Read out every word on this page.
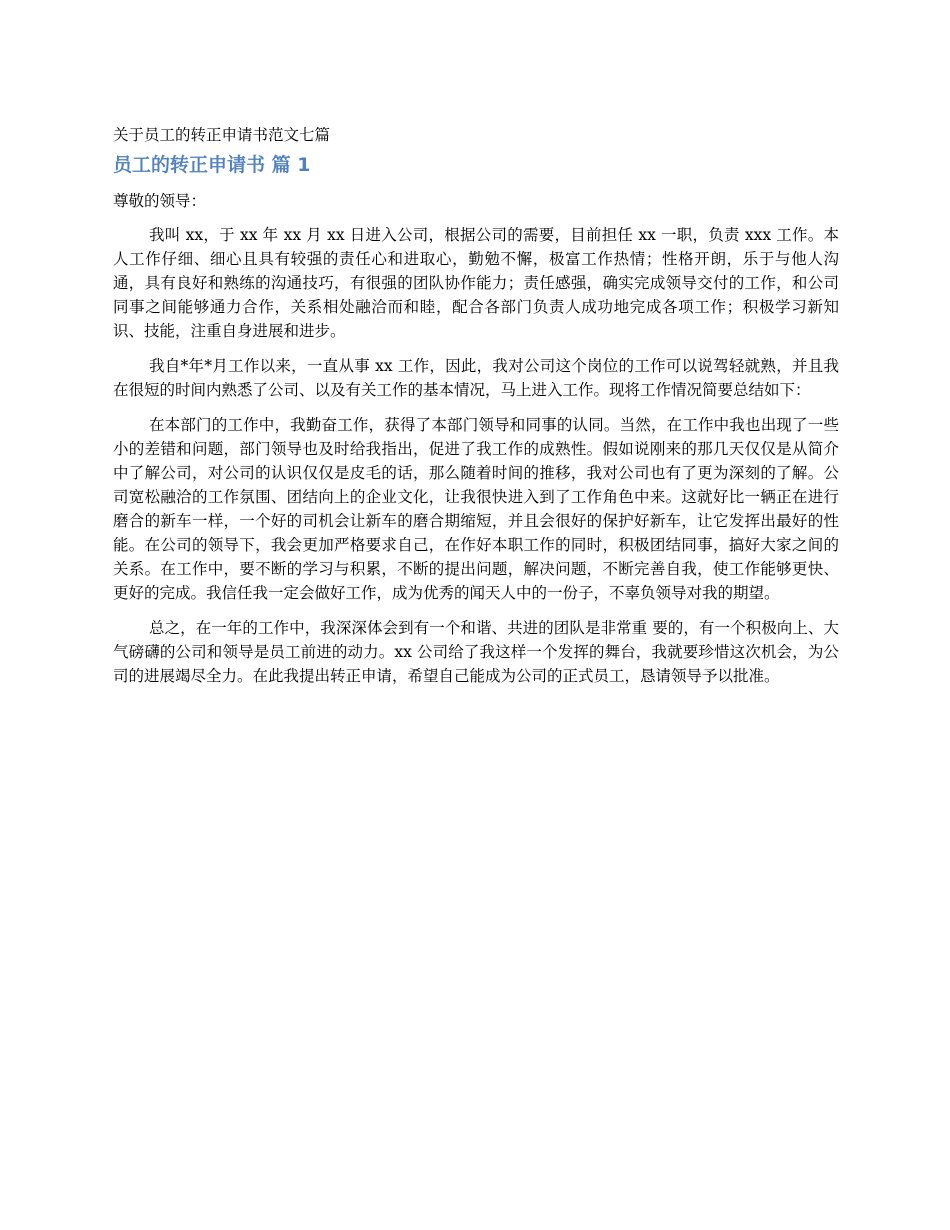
关于员工的转正申请书范文七篇
员工的转正申请书 篇 1
尊敬的领导：

我叫 xx，于 xx 年 xx 月 xx 日进入公司，根据公司的需要，目前担任 xx 一职，负责 xxx 工作。本人工作仔细、细心且具有较强的责任心和进取心，勤勉不懈，极富工作热情；性格开朗，乐于与他人沟通，具有良好和熟练的沟通技巧，有很强的团队协作能力；责任感强，确实完成领导交付的工作，和公司同事之间能够通力合作，关系相处融洽而和睦，配合各部门负责人成功地完成各项工作；积极学习新知识、技能，注重自身进展和进步。

我自*年*月工作以来，一直从事 xx 工作，因此，我对公司这个岗位的工作可以说驾轻就熟，并且我在很短的时间内熟悉了公司、以及有关工作的基本情况，马上进入工作。现将工作情况简要总结如下：

在本部门的工作中，我勤奋工作，获得了本部门领导和同事的认同。当然，在工作中我也出现了一些小的差错和问题，部门领导也及时给我指出，促进了我工作的成熟性。假如说刚来的那几天仅仅是从简介中了解公司，对公司的认识仅仅是皮毛的话，那么随着时间的推移，我对公司也有了更为深刻的了解。公司宽松融洽的工作氛围、团结向上的企业文化，让我很快进入到了工作角色中来。这就好比一辆正在进行磨合的新车一样，一个好的司机会让新车的磨合期缩短，并且会很好的保护好新车，让它发挥出最好的性能。在公司的领导下，我会更加严格要求自己，在作好本职工作的同时，积极团结同事，搞好大家之间的关系。在工作中，要不断的学习与积累，不断的提出问题，解决问题，不断完善自我，使工作能够更快、更好的完成。我信任我一定会做好工作，成为优秀的闻天人中的一份子，不辜负领导对我的期望。

总之，在一年的工作中，我深深体会到有一个和谐、共进的团队是非常重 要的，有一个积极向上、大气磅礴的公司和领导是员工前进的动力。xx 公司给了我这样一个发挥的舞台，我就要珍惜这次机会，为公司的进展竭尽全力。在此我提出转正申请，希望自己能成为公司的正式员工，恳请领导予以批准。
